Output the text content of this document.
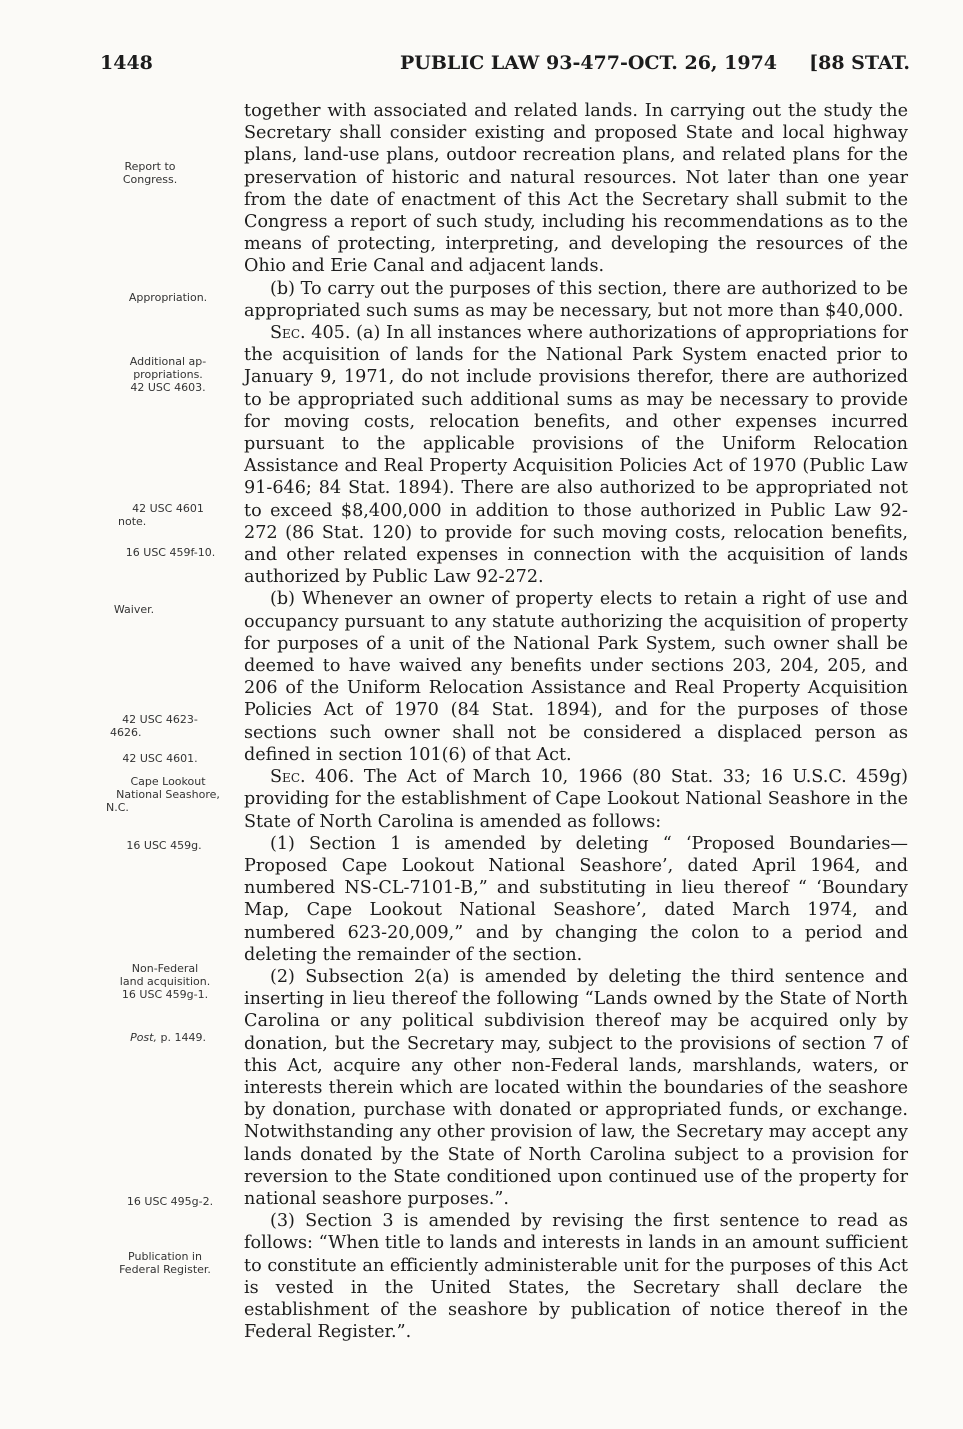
1448	PUBLIC LAW 93-477-OCT. 26, 1974 [88 STAT.
Report to
Congress.
Appropriation.
Additional ap-
propriations.
42 USC 4603.
42 USC 4601
note.
16 USC 459f-10.
Waiver.
42 USC 4623-
4626.
42 USC 4601.
Cape Lookout
National Seashore,
N.C.
16 USC 459g.
Non-Federal
land acquisition.
16 USC 459g-1.
Post, p. 1449.
16 USC 495g-2.
Publication in
Federal Register.

together with associated and related lands. In carrying out the study the Secretary shall consider existing and proposed State and local highway plans, land-use plans, outdoor recreation plans, and related plans for the preservation of historic and natural resources. Not later than one year from the date of enactment of this Act the Secretary shall submit to the Congress a report of such study, including his recommendations as to the means of protecting, interpreting, and developing the resources of the Ohio and Erie Canal and adjacent lands.

(b) To carry out the purposes of this section, there are authorized to be appropriated such sums as may be necessary, but not more than $40,000.

Sec. 405. (a) In all instances where authorizations of appropriations for the acquisition of lands for the National Park System enacted prior to January 9, 1971, do not include provisions therefor, there are authorized to be appropriated such additional sums as may be necessary to provide for moving costs, relocation benefits, and other expenses incurred pursuant to the applicable provisions of the Uniform Relocation Assistance and Real Property Acquisition Policies Act of 1970 (Public Law 91-646; 84 Stat. 1894). There are also authorized to be appropriated not to exceed $8,400,000 in addition to those authorized in Public Law 92-272 (86 Stat. 120) to provide for such moving costs, relocation benefits, and other related expenses in connection with the acquisition of lands authorized by Public Law 92-272.

(b) Whenever an owner of property elects to retain a right of use and occupancy pursuant to any statute authorizing the acquisition of property for purposes of a unit of the National Park System, such owner shall be deemed to have waived any benefits under sections 203, 204, 205, and 206 of the Uniform Relocation Assistance and Real Property Acquisition Policies Act of 1970 (84 Stat. 1894), and for the purposes of those sections such owner shall not be considered a displaced person as defined in section 101(6) of that Act.

Sec. 406. The Act of March 10, 1966 (80 Stat. 33; 16 U.S.C. 459g) providing for the establishment of Cape Lookout National Seashore in the State of North Carolina is amended as follows:

(1) Section 1 is amended by deleting “ ‘Proposed Boundaries—Proposed Cape Lookout National Seashore’, dated April 1964, and numbered NS-CL-7101-B,” and substituting in lieu thereof “ ‘Boundary Map, Cape Lookout National Seashore’, dated March 1974, and numbered 623-20,009,” and by changing the colon to a period and deleting the remainder of the section.

(2) Subsection 2(a) is amended by deleting the third sentence and inserting in lieu thereof the following “Lands owned by the State of North Carolina or any political subdivision thereof may be acquired only by donation, but the Secretary may, subject to the provisions of section 7 of this Act, acquire any other non-Federal lands, marshlands, waters, or interests therein which are located within the boundaries of the seashore by donation, purchase with donated or appropriated funds, or exchange. Notwithstanding any other provision of law, the Secretary may accept any lands donated by the State of North Carolina subject to a provision for reversion to the State conditioned upon continued use of the property for national seashore purposes.”.

(3) Section 3 is amended by revising the first sentence to read as follows: “When title to lands and interests in lands in an amount sufficient to constitute an efficiently administerable unit for the purposes of this Act is vested in the United States, the Secretary shall declare the establishment of the seashore by publication of notice thereof in the Federal Register.”.
